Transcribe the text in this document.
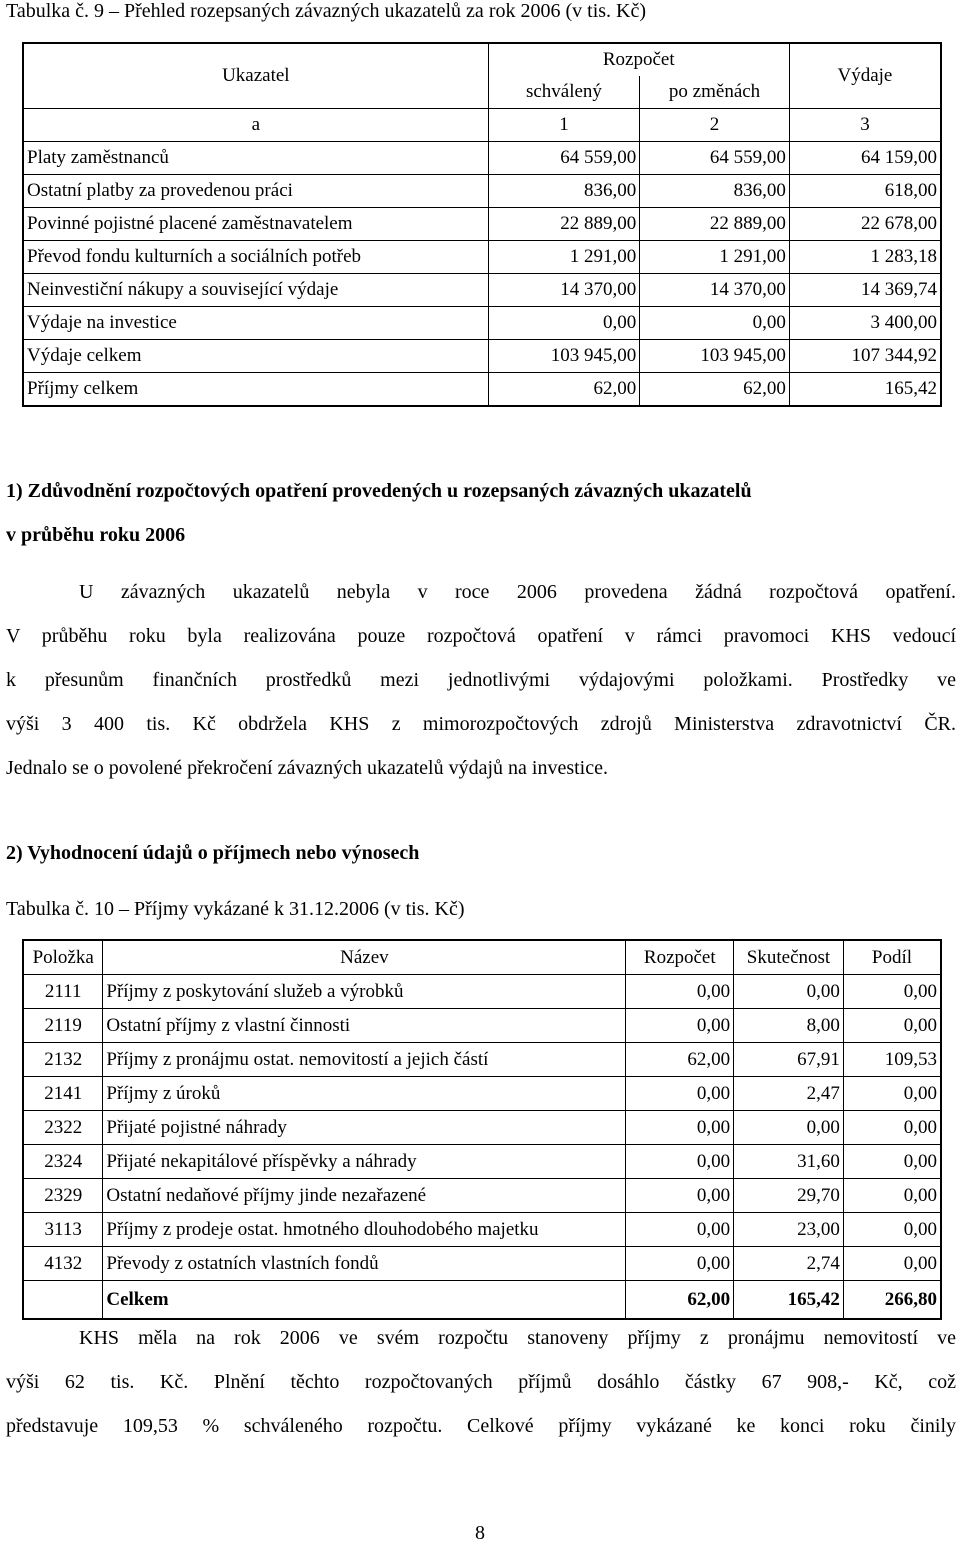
Tabulka č. 9 – Přehled rozepsaných závazných ukazatelů za rok 2006 (v tis. Kč)
Ukazatel	Rozpočet		Výdaje
	schválený	po změnách	
a	1	2	3
Platy zaměstnanců	64 559,00	64 559,00	64 159,00
Ostatní platby za provedenou práci	836,00	836,00	618,00
Povinné pojistné placené zaměstnavatelem	22 889,00	22 889,00	22 678,00
Převod fondu kulturních a sociálních potřeb	1 291,00	1 291,00	1 283,18
Neinvestiční nákupy a související výdaje	14 370,00	14 370,00	14 369,74
Výdaje na investice	0,00	0,00	3 400,00
Výdaje celkem	103 945,00	103 945,00	107 344,92
Příjmy celkem	62,00	62,00	165,42
1) Zdůvodnění rozpočtových opatření provedených u rozepsaných závazných ukazatelů
v průběhu roku 2006
U závazných ukazatelů nebyla v roce 2006 provedena žádná rozpočtová opatření.
V průběhu roku byla realizována pouze rozpočtová opatření v rámci pravomoci KHS vedoucí
k přesunům finančních prostředků mezi jednotlivými výdajovými položkami. Prostředky ve
výši 3 400 tis. Kč obdržela KHS z mimorozpočtových zdrojů Ministerstva zdravotnictví ČR.
Jednalo se o povolené překročení závazných ukazatelů výdajů na investice.
2) Vyhodnocení údajů o příjmech nebo výnosech
Tabulka č. 10 – Příjmy vykázané k 31.12.2006 (v tis. Kč)
Položka	Název	Rozpočet	Skutečnost	Podíl
2111	Příjmy z poskytování služeb a výrobků	0,00	0,00	0,00
2119	Ostatní příjmy z vlastní činnosti	0,00	8,00	0,00
2132	Příjmy z pronájmu ostat. nemovitostí a jejich částí	62,00	67,91	109,53
2141	Příjmy z úroků	0,00	2,47	0,00
2322	Přijaté pojistné náhrady	0,00	0,00	0,00
2324	Přijaté nekapitálové příspěvky a náhrady	0,00	31,60	0,00
2329	Ostatní nedaňové příjmy jinde nezařazené	0,00	29,70	0,00
3113	Příjmy z prodeje ostat. hmotného dlouhodobého majetku	0,00	23,00	0,00
4132	Převody z ostatních vlastních fondů	0,00	2,74	0,00
	Celkem	62,00	165,42	266,80
KHS měla na rok 2006 ve svém rozpočtu stanoveny příjmy z pronájmu nemovitostí ve
výši 62 tis. Kč. Plnění těchto rozpočtovaných příjmů dosáhlo částky 67 908,- Kč, což
představuje 109,53 % schváleného rozpočtu. Celkové příjmy vykázané ke konci roku činily
8
